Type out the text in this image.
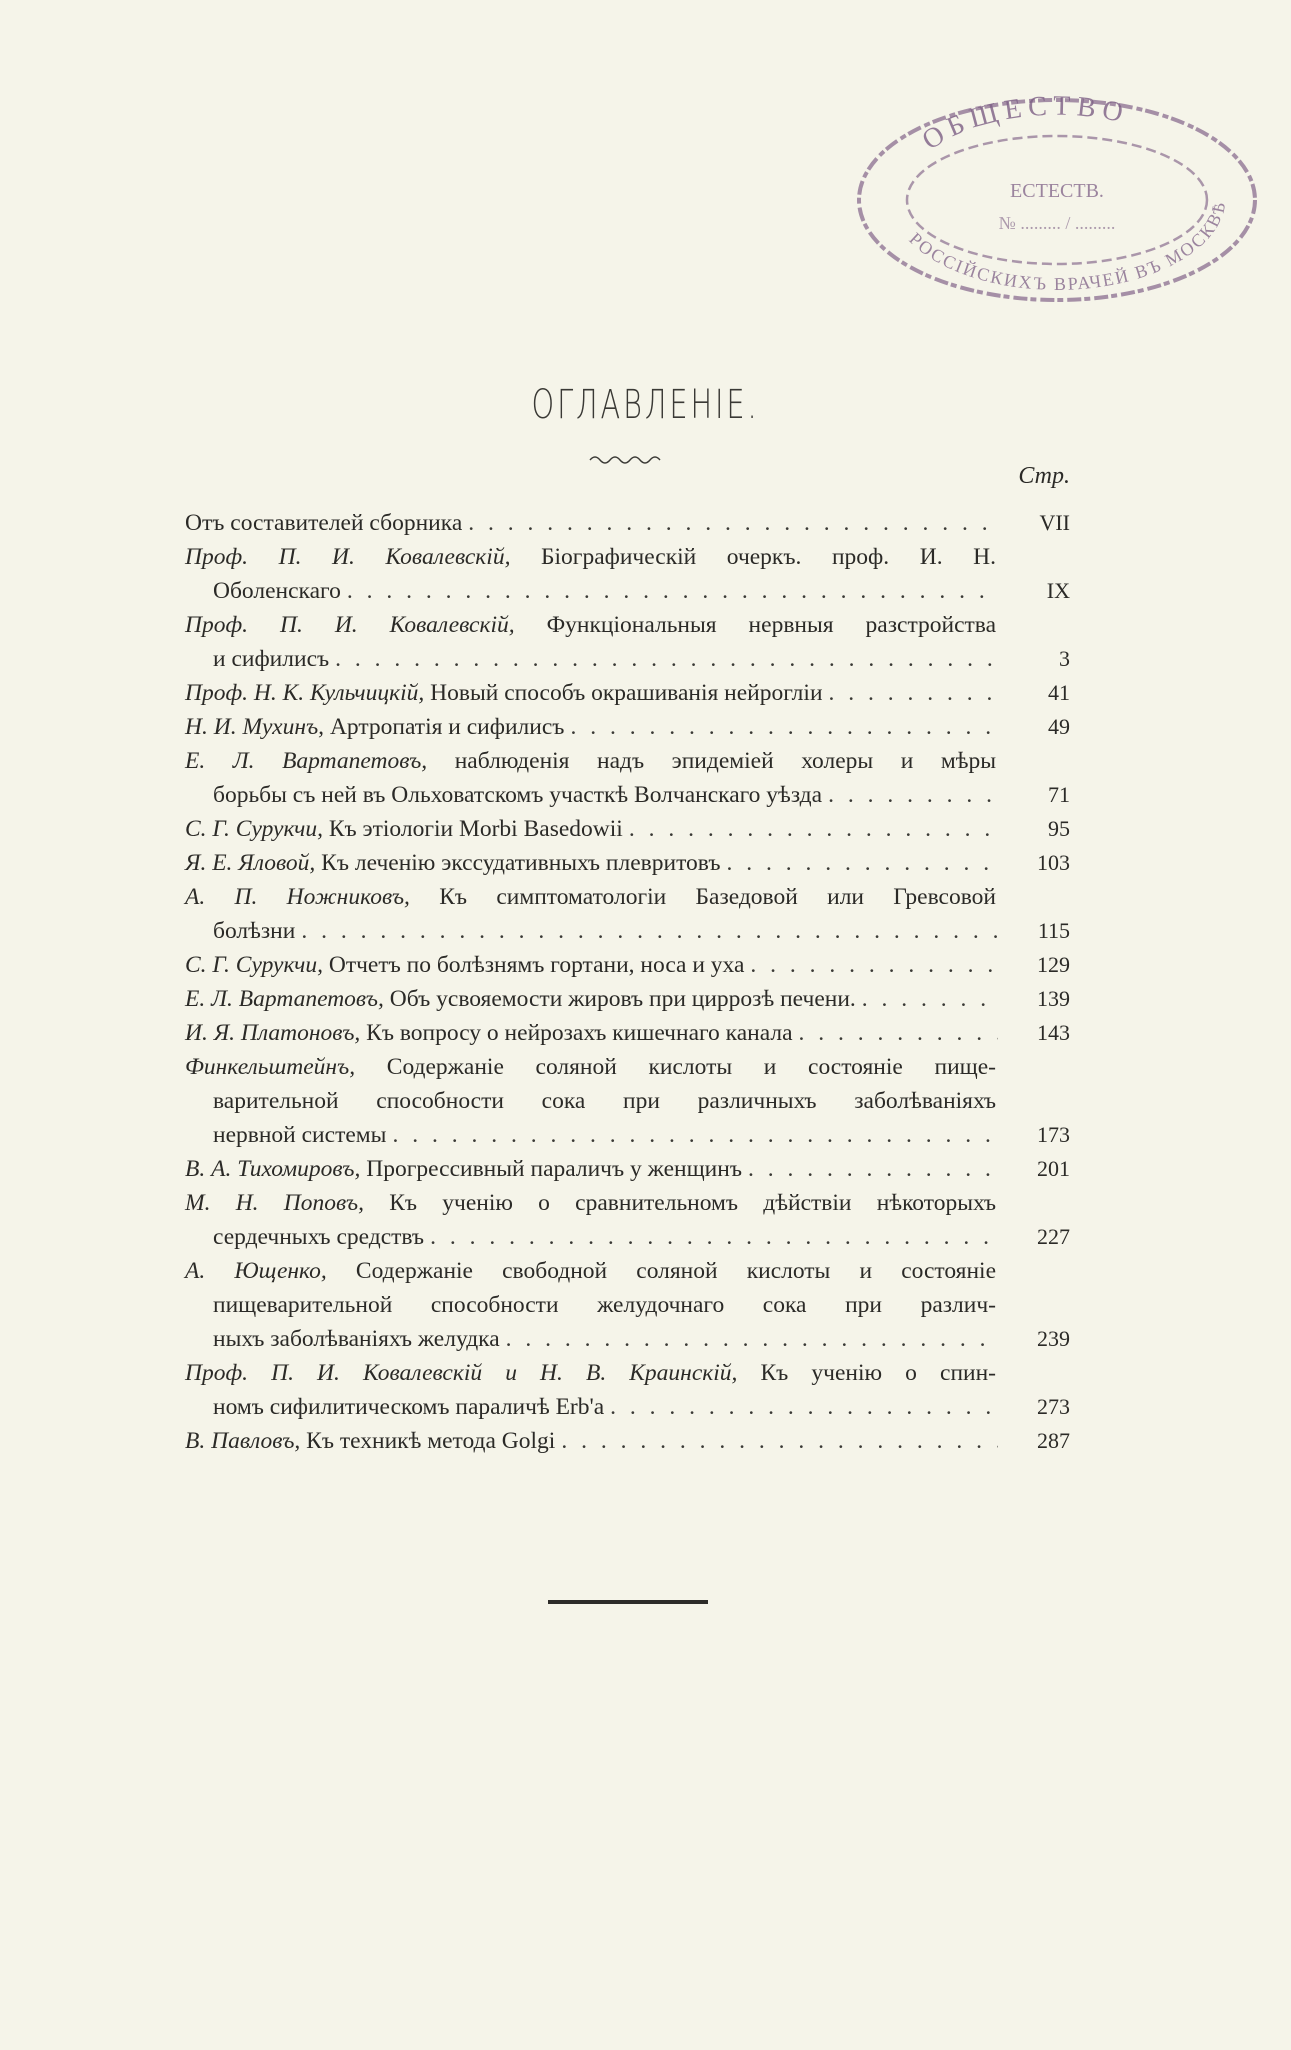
ОБЩЕСТВО
ЕСТЕСТВ.
№ ......... / .........
РОССІЙСКИХЪ ВРАЧЕЙ ВЪ МОСКВѢ
ОГЛАВЛЕНІЕ.
Стр.
Отъ составителей сборника . . .	VII
Проф. П. И. Ковалевскій, Біографическій очеркъ. проф. И. Н.
Оболенскаго . . .	IX
Проф. П. И. Ковалевскій, Функціональныя нервныя разстройства
и сифилисъ . . .	3
Проф. Н. К. Кульчицкій, Новый способъ окрашиванія нейрогліи . . .	41
Н. И. Мухинъ, Артропатія и сифилисъ . . .	49
Е. Л. Вартапетовъ, наблюденія надъ эпидеміей холеры и мѣры
борьбы съ ней въ Ольховатскомъ участкѣ Волчанскаго уѣзда . . .	71
С. Г. Сурукчи, Къ этіологіи Morbi Basedowii . . .	95
Я. Е. Яловой, Къ леченію экссудативныхъ плевритовъ . . .	103
А. П. Ножниковъ, Къ симптоматологіи Базедовой или Гревсовой
болѣзни . . .	115
С. Г. Сурукчи, Отчетъ по болѣзнямъ гортани, носа и уха . . .	129
Е. Л. Вартапетовъ, Объ усвояемости жировъ при циррозѣ печени. . . .	139
И. Я. Платоновъ, Къ вопросу о нейрозахъ кишечнаго канала . . .	143
Финкельштейнъ, Содержаніе соляной кислоты и состояніе пище-
варительной способности сока при различныхъ заболѣваніяхъ
нервной системы . . .	173
В. А. Тихомировъ, Прогрессивный параличъ у женщинъ . . .	201
М. Н. Поповъ, Къ ученію о сравнительномъ дѣйствіи нѣкоторыхъ
сердечныхъ средствъ . . .	227
А. Ющенко, Содержаніе свободной соляной кислоты и состояніе
пищеварительной способности желудочнаго сока при различ-
ныхъ заболѣваніяхъ желудка . . .	239
Проф. П. И. Ковалевскій и Н. В. Краинскій, Къ ученію о спин-
номъ сифилитическомъ параличѣ Erb'а . . .	273
В. Павловъ, Къ техникѣ метода Golgi . . .	287
